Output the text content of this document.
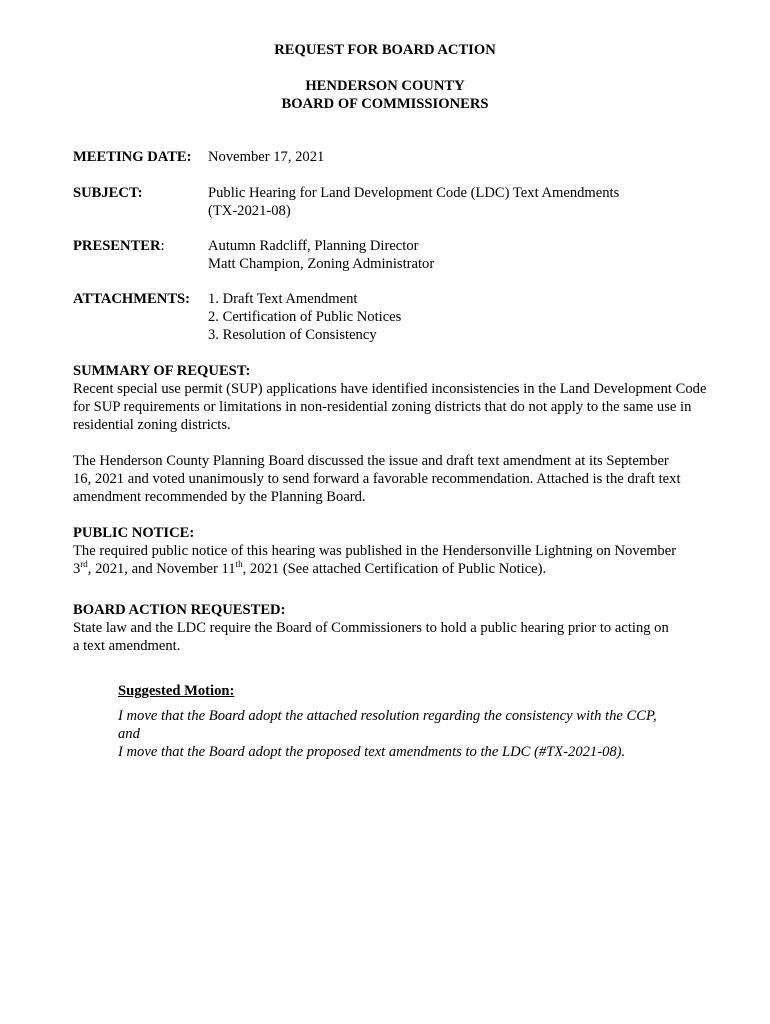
REQUEST FOR BOARD ACTION
HENDERSON COUNTY
BOARD OF COMMISSIONERS
MEETING DATE: November 17, 2021
SUBJECT:	Public Hearing for Land Development Code (LDC) Text Amendments
(TX-2021-08)
PRESENTER:	Autumn Radcliff, Planning Director
Matt Champion, Zoning Administrator
ATTACHMENTS: 1. Draft Text Amendment
2. Certification of Public Notices
3. Resolution of Consistency
SUMMARY OF REQUEST:
Recent special use permit (SUP) applications have identified inconsistencies in the Land Development Code
for SUP requirements or limitations in non-residential zoning districts that do not apply to the same use in
residential zoning districts.
The Henderson County Planning Board discussed the issue and draft text amendment at its September
16, 2021 and voted unanimously to send forward a favorable recommendation. Attached is the draft text
amendment recommended by the Planning Board.
PUBLIC NOTICE:
The required public notice of this hearing was published in the Hendersonville Lightning on November
3rd, 2021, and November 11th, 2021 (See attached Certification of Public Notice).
BOARD ACTION REQUESTED:
State law and the LDC require the Board of Commissioners to hold a public hearing prior to acting on
a text amendment.
Suggested Motion:
I move that the Board adopt the attached resolution regarding the consistency with the CCP,
and
I move that the Board adopt the proposed text amendments to the LDC (#TX-2021-08).
